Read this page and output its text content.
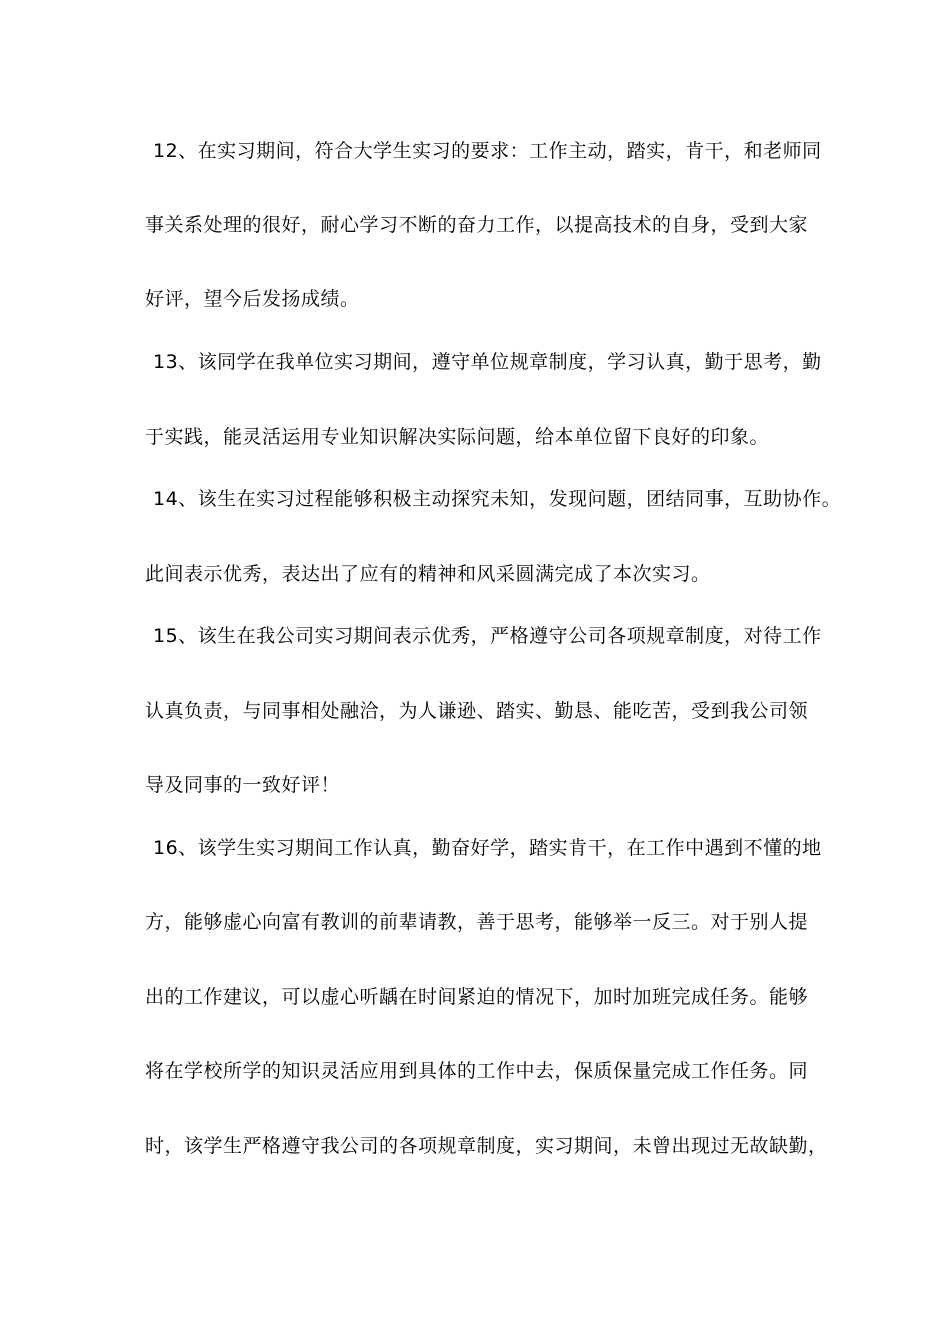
12、在实习期间，符合大学生实习的要求：工作主动，踏实，肯干，和老师同
事关系处理的很好，耐心学习不断的奋力工作，以提高技术的自身，受到大家
好评，望今后发扬成绩。
13、该同学在我单位实习期间，遵守单位规章制度，学习认真，勤于思考，勤
于实践，能灵活运用专业知识解决实际问题，给本单位留下良好的印象。
14、该生在实习过程能够积极主动探究未知，发现问题，团结同事，互助协作。
此间表示优秀，表达出了应有的精神和风采圆满完成了本次实习。
15、该生在我公司实习期间表示优秀，严格遵守公司各项规章制度，对待工作
认真负责，与同事相处融洽，为人谦逊、踏实、勤恳、能吃苦，受到我公司领
导及同事的一致好评！
16、该学生实习期间工作认真，勤奋好学，踏实肯干，在工作中遇到不懂的地
方，能够虚心向富有教训的前辈请教，善于思考，能够举一反三。对于别人提
出的工作建议，可以虚心听龋在时间紧迫的情况下，加时加班完成任务。能够
将在学校所学的知识灵活应用到具体的工作中去，保质保量完成工作任务。同
时，该学生严格遵守我公司的各项规章制度，实习期间，未曾出现过无故缺勤，
